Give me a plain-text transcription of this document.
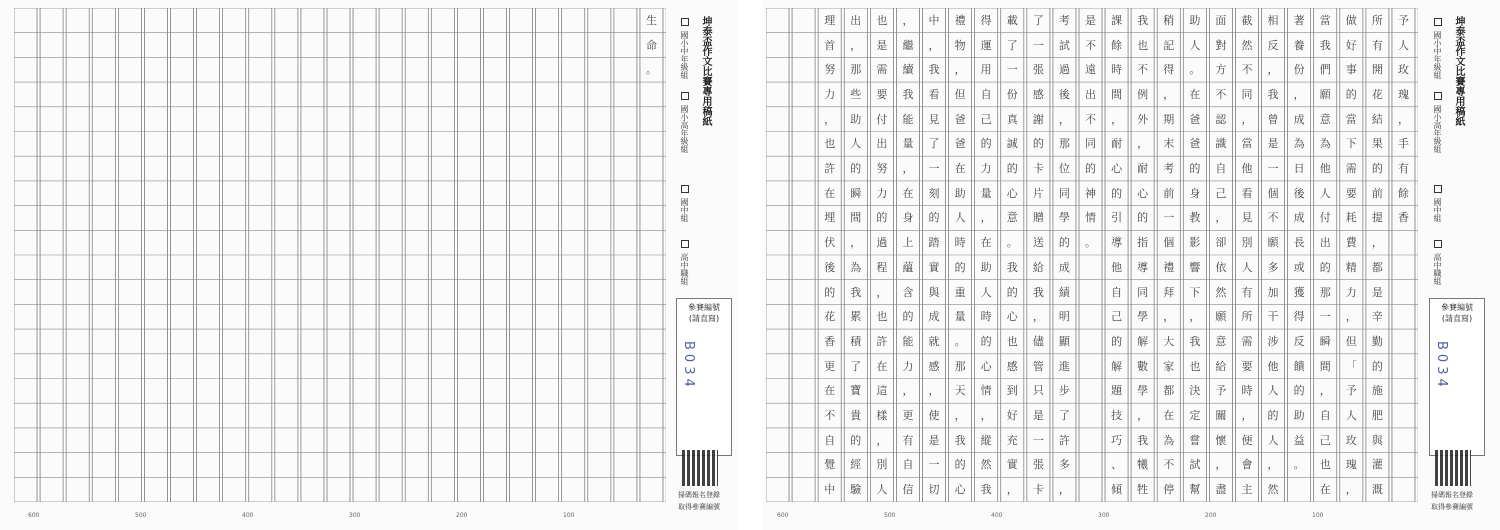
生
命
。	坤泰盃作文比賽專用稿紙
國小中年級組
國小高年級組
國中組
高中職組
參賽編號
(請直寫)
B034
掃碼報名登錄
取得參賽編號
600	500	400	300	200	100
予
人
玫
瑰
，
手
有
餘
香
所
有
開
花
結
果
的
前
提
，
都
是
辛
勤
的
施
肥
與
灌
溉
做
好
事
的
當
下
需
要
耗
費
精
力
，
但
「
予
人
玫
瑰
，
當
我
們
願
意
為
他
人
付
出
的
那
一
瞬
間
，
自
己
也
在
著
養
份
，
成
為
日
後
成
長
或
獲
得
反
饋
的
助
益
。
相
反
，
我
曾
是
一
個
不
願
多
加
干
涉
他
人
的
人
，
然
截
然
不
同
，
當
他
看
見
別
人
有
所
需
要
時
，
便
會
主
面
對
方
不
認
識
自
己
，
卻
依
然
願
意
給
予
關
懷
，
盡
助
人
。
在
爸
爸
的
身
教
影
響
下
，
我
也
決
定
嘗
試
幫
稍
記
得
，
期
末
考
前
一
個
禮
拜
，
大
家
都
在
為
不
停
我
也
不
例
外
，
耐
心
的
指
導
同
學
解
數
學
，
我
犧
牲
課
餘
時
間
，
耐
心
的
引
導
他
自
己
的
解
題
技
巧
、
傾
是
不
遠
出
不
同
的
神
情
。
考
試
過
後
，
那
位
同
學
的
成
績
明
顯
進
步
了
許
多
，
了
一
張
感
謝
的
卡
片
贈
送
給
我
，
儘
管
只
是
一
張
卡
載
了
一
份
真
誠
的
心
意
。
我
的
心
也
感
到
好
充
實
，
得
運
用
自
己
的
力
量
，
在
助
人
時
的
心
情
，
縱
然
我
禮
物
，
但
爸
爸
在
助
人
時
的
重
量
。
那
天
，
我
的
心
中
，
我
看
見
了
一
刻
的
踏
實
與
成
就
感
，
使
是
一
切
，
繼
續
我
能
量
，
在
身
上
蘊
含
的
能
力
，
更
有
自
信
也
是
需
要
付
出
努
力
的
過
程
，
也
許
在
這
樣
，
別
人
出
，
那
些
助
人
的
瞬
間
，
為
我
累
積
了
寶
貴
的
經
驗
理
首
努
力
，
也
許
在
埋
伏
後
的
花
香
更
在
不
自
覺
中
坤泰盃作文比賽專用稿紙
國小中年級組
國小高年級組
國中組
高中職組
參賽編號
(請直寫)
B034
掃碼報名登錄
取得參賽編號
600	500	400	300	200	100
